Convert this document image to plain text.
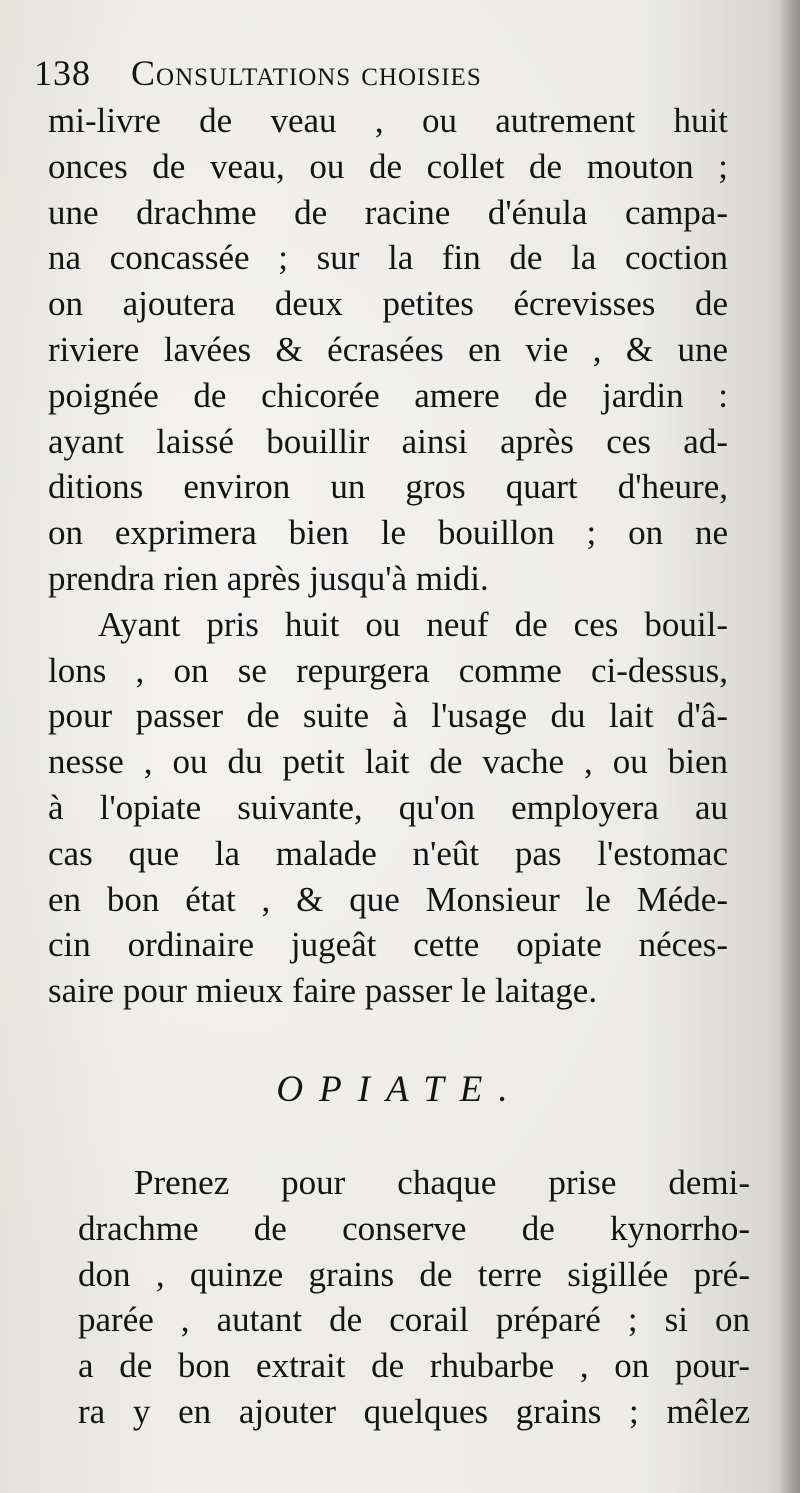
138 Consultations choisies
mi-livre de veau , ou autrement huit
onces de veau, ou de collet de mouton ;
une drachme de racine d'énula campa-
na concassée ; sur la fin de la coction
on ajoutera deux petites écrevisses de
riviere lavées & écrasées en vie , & une
poignée de chicorée amere de jardin :
ayant laissé bouillir ainsi après ces ad-
ditions environ un gros quart d'heure,
on exprimera bien le bouillon ; on ne
prendra rien après jusqu'à midi.
Ayant pris huit ou neuf de ces bouil-
lons , on se repurgera comme ci-dessus,
pour passer de suite à l'usage du lait d'â-
nesse , ou du petit lait de vache , ou bien
à l'opiate suivante, qu'on employera au
cas que la malade n'eût pas l'estomac
en bon état , & que Monsieur le Méde-
cin ordinaire jugeât cette opiate néces-
saire pour mieux faire passer le laitage.
OPIATE.
Prenez pour chaque prise demi-
drachme de conserve de kynorrho-
don , quinze grains de terre sigillée pré-
parée , autant de corail préparé ; si on
a de bon extrait de rhubarbe , on pour-
ra y en ajouter quelques grains ; mêlez
